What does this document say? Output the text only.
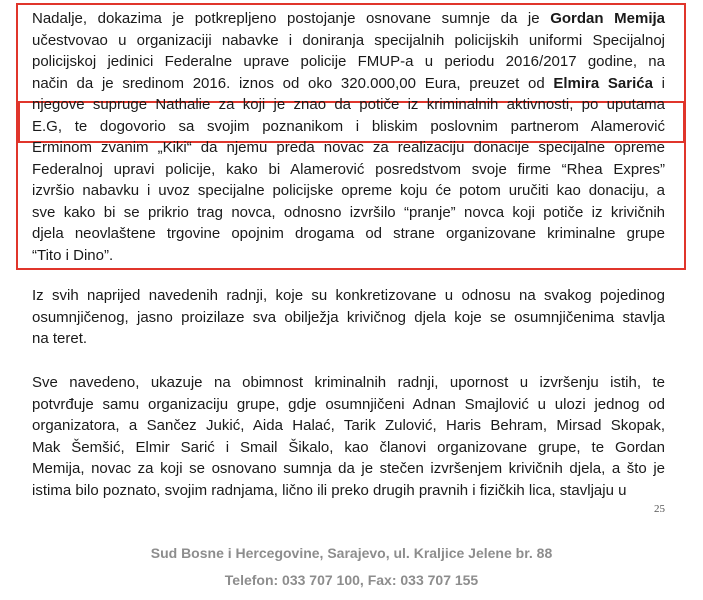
Nadalje, dokazima je potkrepljeno postojanje osnovane sumnje da je Gordan Memija
učestvovao u organizaciji nabavke i doniranja specijalnih policijskih uniformi Specijalnoj
policijskoj jedinici Federalne uprave policije FMUP-a u periodu 2016/2017 godine, na
način da je sredinom 2016. iznos od oko 320.000,00 Eura, preuzet od Elmira Sarića i
njegove supruge Nathalie za koji je znao da potiče iz kriminalnih aktivnosti, po uputama
E.G, te dogovorio sa svojim poznanikom i bliskim poslovnim partnerom Alamerović
Erminom zvanim „Kiki“ da njemu preda novac za realizaciju donacije specijalne opreme
Federalnoj upravi policije, kako bi Alamerović posredstvom svoje firme “Rhea Expres”
izvršio nabavku i uvoz specijalne policijske opreme koju će potom uručiti kao donaciju, a
sve kako bi se prikrio trag novca, odnosno izvršilo “pranje” novca koji potiče iz krivičnih
djela neovlaštene trgovine opojnim drogama od strane organizovane kriminalne grupe
“Tito i Dino”.
Iz svih naprijed navedenih radnji, koje su konkretizovane u odnosu na svakog pojedinog
osumnjičenog, jasno proizilaze sva obilježja krivičnog djela koje se osumnjičenima stavlja
na teret.
Sve navedeno, ukazuje na obimnost kriminalnih radnji, upornost u izvršenju istih, te
potvrđuje samu organizaciju grupe, gdje osumnjičeni Adnan Smajlović u ulozi jednog od
organizatora, a Sančez Jukić, Aida Halać, Tarik Zulović, Haris Behram, Mirsad Skopak,
Mak Šemšić, Elmir Sarić i Smail Šikalo, kao članovi organizovane grupe, te Gordan
Memija, novac za koji se osnovano sumnja da je stečen izvršenjem krivičnih djela, a što je
istima bilo poznato, svojim radnjama, lično ili preko drugih pravnih i fizičkih lica, stavljaju u
25
Sud Bosne i Hercegovine, Sarajevo, ul. Kraljice Jelene br. 88
Telefon: 033 707 100, Fax: 033 707 155
